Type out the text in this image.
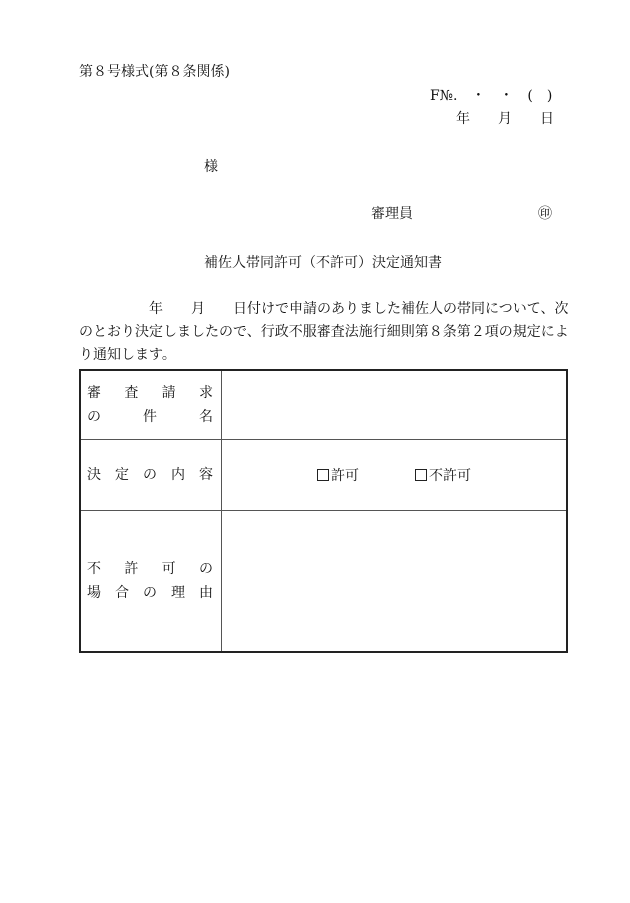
第８号様式(第８条関係)
F№.　・　・　(　)
年　　月　　日
様
審理員	㊞
補佐人帯同許可（不許可）決定通知書
年　　月　　日付けで申請のありました補佐人の帯同について、次
のとおり決定しましたので、行政不服審査法施行細則第８条第２項の規定によ
り通知します。
審　査　請　求
の　　件　　名	

決　定　の　内　容	許可 不許可

不　許　可　の
場　合　の　理　由	
